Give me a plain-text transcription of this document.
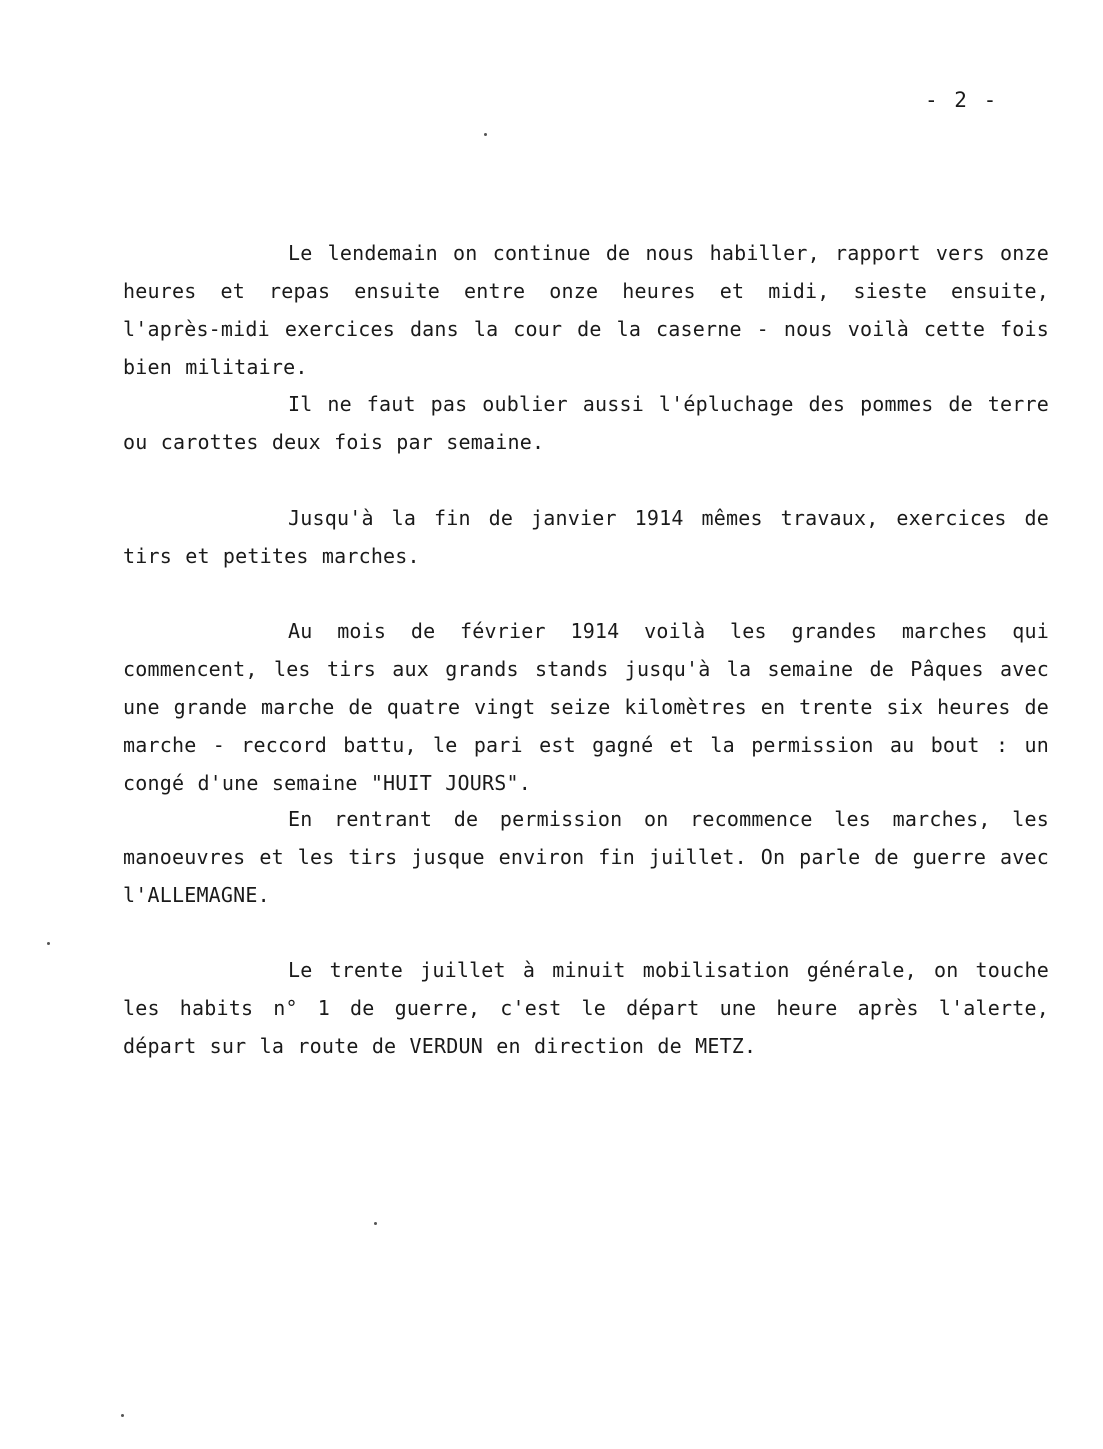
- 2 -

Le lendemain on continue de nous habiller, rapport vers onze heures et repas ensuite entre onze heures et midi, sieste ensuite, l'après-midi exercices dans la cour de la caserne - nous voilà cette fois bien militaire.

Il ne faut pas oublier aussi l'épluchage des pommes de terre ou carottes deux fois par semaine.

Jusqu'à la fin de janvier 1914 mêmes travaux, exercices de tirs et petites marches.

Au mois de février 1914 voilà les grandes marches qui commencent, les tirs aux grands stands jusqu'à la semaine de Pâques avec une grande marche de quatre vingt seize kilomètres en trente six heures de marche - reccord battu, le pari est gagné et la permission au bout : un congé d'une semaine "HUIT JOURS".

En rentrant de permission on recommence les marches, les manoeuvres et les tirs jusque environ fin juillet. On parle de guerre avec l'ALLEMAGNE.

Le trente juillet à minuit mobilisation générale, on touche les habits n° 1 de guerre, c'est le départ une heure après l'alerte, départ sur la route de VERDUN en direction de METZ.
